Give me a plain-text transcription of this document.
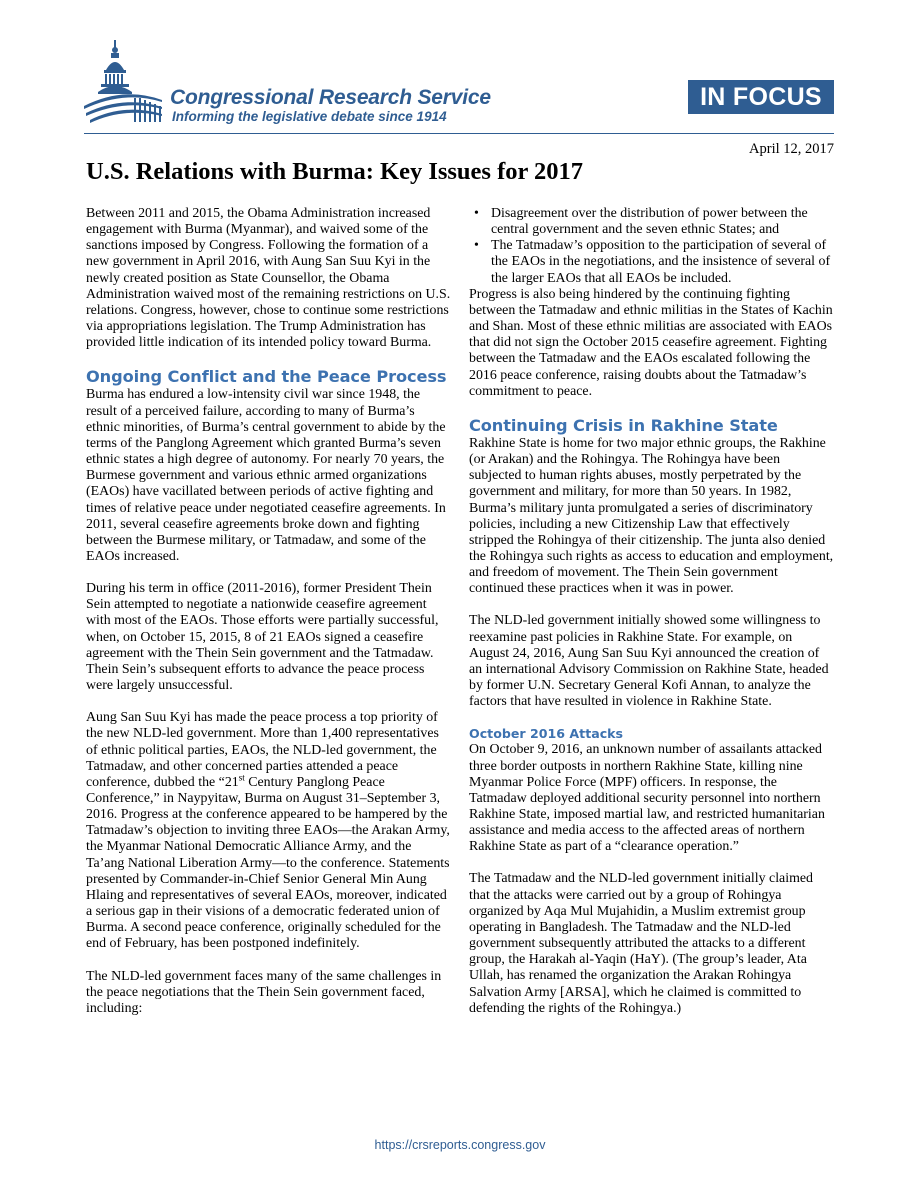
Congressional Research Service
Informing the legislative debate since 1914
IN FOCUS
April 12, 2017
U.S. Relations with Burma: Key Issues for 2017

Between 2011 and 2015, the Obama Administration increased engagement with Burma (Myanmar), and waived some of the sanctions imposed by Congress. Following the formation of a new government in April 2016, with Aung San Suu Kyi in the newly created position as State Counsellor, the Obama Administration waived most of the remaining restrictions on U.S. relations. Congress, however, chose to continue some restrictions via appropriations legislation. The Trump Administration has provided little indication of its intended policy toward Burma.

Ongoing Conflict and the Peace Process

Burma has endured a low-intensity civil war since 1948, the result of a perceived failure, according to many of Burma’s ethnic minorities, of Burma’s central government to abide by the terms of the Panglong Agreement which granted Burma’s seven ethnic states a high degree of autonomy. For nearly 70 years, the Burmese government and various ethnic armed organizations (EAOs) have vacillated between periods of active fighting and times of relative peace under negotiated ceasefire agreements. In 2011, several ceasefire agreements broke down and fighting between the Burmese military, or Tatmadaw, and some of the EAOs increased.

During his term in office (2011-2016), former President Thein Sein attempted to negotiate a nationwide ceasefire agreement with most of the EAOs. Those efforts were partially successful, when, on October 15, 2015, 8 of 21 EAOs signed a ceasefire agreement with the Thein Sein government and the Tatmadaw. Thein Sein’s subsequent efforts to advance the peace process were largely unsuccessful.

Aung San Suu Kyi has made the peace process a top priority of the new NLD-led government. More than 1,400 representatives of ethnic political parties, EAOs, the NLD-led government, the Tatmadaw, and other concerned parties attended a peace conference, dubbed the “21st Century Panglong Peace Conference,” in Naypyitaw, Burma on August 31–September 3, 2016. Progress at the conference appeared to be hampered by the Tatmadaw’s objection to inviting three EAOs—the Arakan Army, the Myanmar National Democratic Alliance Army, and the Ta’ang National Liberation Army—to the conference. Statements presented by Commander-in-Chief Senior General Min Aung Hlaing and representatives of several EAOs, moreover, indicated a serious gap in their visions of a democratic federated union of Burma. A second peace conference, originally scheduled for the end of February, has been postponed indefinitely.

The NLD-led government faces many of the same challenges in the peace negotiations that the Thein Sein government faced, including:

• Disagreement over the distribution of power between the central government and the seven ethnic States; and
• The Tatmadaw’s opposition to the participation of several of the EAOs in the negotiations, and the insistence of several of the larger EAOs that all EAOs be included.

Progress is also being hindered by the continuing fighting between the Tatmadaw and ethnic militias in the States of Kachin and Shan. Most of these ethnic militias are associated with EAOs that did not sign the October 2015 ceasefire agreement. Fighting between the Tatmadaw and the EAOs escalated following the 2016 peace conference, raising doubts about the Tatmadaw’s commitment to peace.

Continuing Crisis in Rakhine State

Rakhine State is home for two major ethnic groups, the Rakhine (or Arakan) and the Rohingya. The Rohingya have been subjected to human rights abuses, mostly perpetrated by the government and military, for more than 50 years. In 1982, Burma’s military junta promulgated a series of discriminatory policies, including a new Citizenship Law that effectively stripped the Rohingya of their citizenship. The junta also denied the Rohingya such rights as access to education and employment, and freedom of movement. The Thein Sein government continued these practices when it was in power.

The NLD-led government initially showed some willingness to reexamine past policies in Rakhine State. For example, on August 24, 2016, Aung San Suu Kyi announced the creation of an international Advisory Commission on Rakhine State, headed by former U.N. Secretary General Kofi Annan, to analyze the factors that have resulted in violence in Rakhine State.

October 2016 Attacks

On October 9, 2016, an unknown number of assailants attacked three border outposts in northern Rakhine State, killing nine Myanmar Police Force (MPF) officers. In response, the Tatmadaw deployed additional security personnel into northern Rakhine State, imposed martial law, and restricted humanitarian assistance and media access to the affected areas of northern Rakhine State as part of a “clearance operation.”

The Tatmadaw and the NLD-led government initially claimed that the attacks were carried out by a group of Rohingya organized by Aqa Mul Mujahidin, a Muslim extremist group operating in Bangladesh. The Tatmadaw and the NLD-led government subsequently attributed the attacks to a different group, the Harakah al-Yaqin (HaY). (The group’s leader, Ata Ullah, has renamed the organization the Arakan Rohingya Salvation Army [ARSA], which he claimed is committed to defending the rights of the Rohingya.)

https://crsreports.congress.gov
